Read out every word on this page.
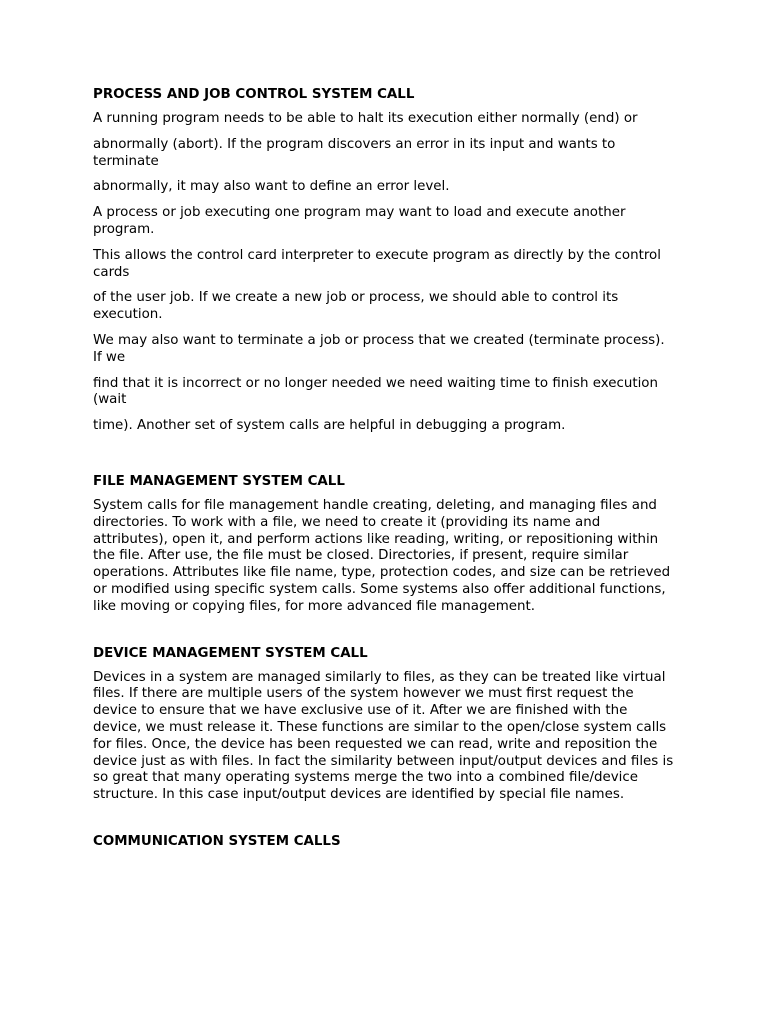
PROCESS AND JOB CONTROL SYSTEM CALL

A running program needs to be able to halt its execution either normally (end) or

abnormally (abort). If the program discovers an error in its input and wants to terminate

abnormally, it may also want to define an error level.

A process or job executing one program may want to load and execute another program.

This allows the control card interpreter to execute program as directly by the control cards

of the user job. If we create a new job or process, we should able to control its execution.

We may also want to terminate a job or process that we created (terminate process). If we

find that it is incorrect or no longer needed we need waiting time to finish execution (wait

time). Another set of system calls are helpful in debugging a program.

FILE MANAGEMENT SYSTEM CALL

System calls for file management handle creating, deleting, and managing files and directories. To work with a file, we need to create it (providing its name and attributes), open it, and perform actions like reading, writing, or repositioning within the file. After use, the file must be closed. Directories, if present, require similar operations. Attributes like file name, type, protection codes, and size can be retrieved or modified using specific system calls. Some systems also offer additional functions, like moving or copying files, for more advanced file management.

DEVICE MANAGEMENT SYSTEM CALL

Devices in a system are managed similarly to files, as they can be treated like virtual files. If there are multiple users of the system however we must first request the device to ensure that we have exclusive use of it. After we are finished with the device, we must release it. These functions are similar to the open/close system calls for files. Once, the device has been requested we can read, write and reposition the device just as with files. In fact the similarity between input/output devices and files is so great that many operating systems merge the two into a combined file/device structure. In this case input/output devices are identified by special file names.

COMMUNICATION SYSTEM CALLS
